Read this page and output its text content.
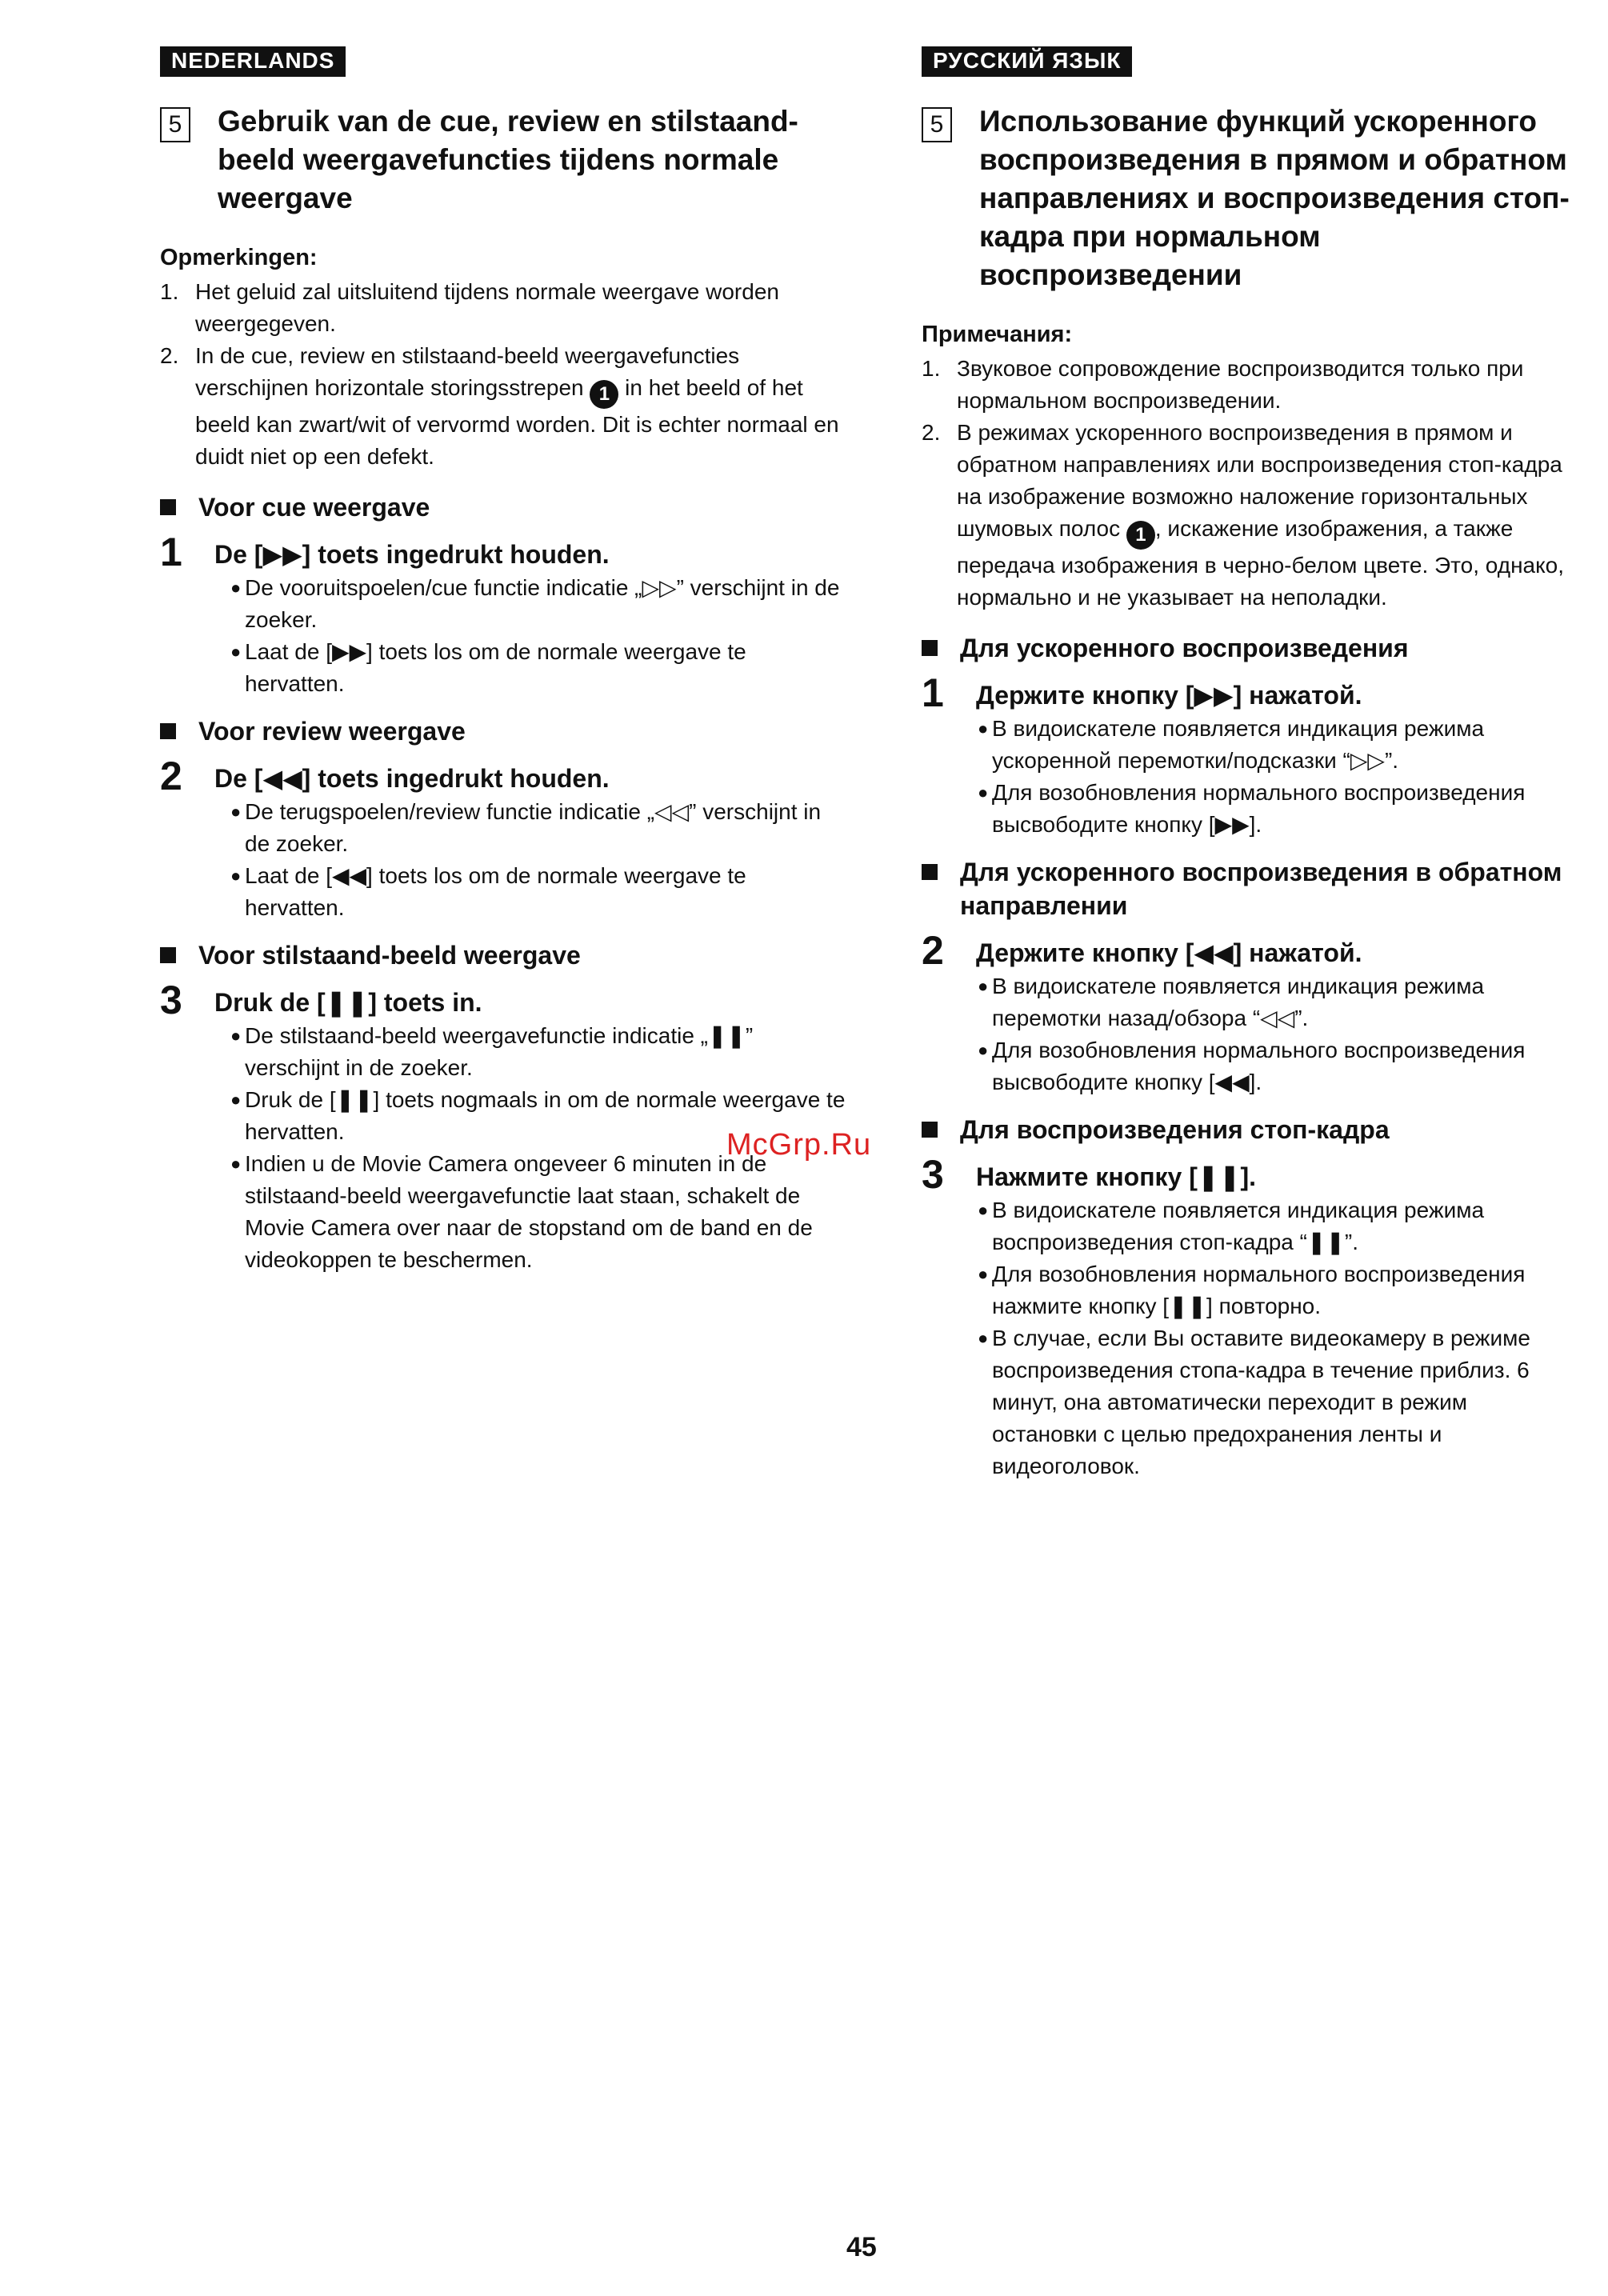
NEDERLANDS
5 Gebruik van de cue, review en stilstaand-beeld weergavefuncties tijdens normale weergave
Opmerkingen:
1. Het geluid zal uitsluitend tijdens normale weergave worden weergegeven.
2. In de cue, review en stilstaand-beeld weergavefuncties verschijnen horizontale storingsstrepen 1 in het beeld of het beeld kan zwart/wit of vervormd worden. Dit is echter normaal en duidt niet op een defekt.
Voor cue weergave
1	De [▶▶] toets ingedrukt houden.
● De vooruitspoelen/cue functie indicatie „▷▷” verschijnt in de zoeker.
● Laat de [▶▶] toets los om de normale weergave te hervatten.
Voor review weergave
2	De [◀◀] toets ingedrukt houden.
● De terugspoelen/review functie indicatie „◁◁” verschijnt in de zoeker.
● Laat de [◀◀] toets los om de normale weergave te hervatten.
Voor stilstaand-beeld weergave
3	Druk de [❚❚] toets in.
● De stilstaand-beeld weergavefunctie indicatie „❚❚” verschijnt in de zoeker.
● Druk de [❚❚] toets nogmaals in om de normale weergave te hervatten.
● Indien u de Movie Camera ongeveer 6 minuten in de stilstaand-beeld weergavefunctie laat staan, schakelt de Movie Camera over naar de stopstand om de band en de videokoppen te beschermen.
РУССКИЙ ЯЗЫК
5 Использование функций ускоренного воспроизведения в прямом и обратном направлениях и воспроизведения стоп-кадра при нормальном воспроизведении
Примечания:
1. Звуковое сопровождение воспроизводится только при нормальном воспроизведении.
2. В режимах ускоренного воспроизведения в прямом и обратном направлениях или воспроизведения стоп-кадра на изображение возможно наложение горизонтальных шумовых полос 1 , искажение изображения, а также передача изображения в черно-белом цвете. Это, однако, нормально и не указывает на неполадки.
Для ускоренного воспроизведения
1	Держите кнопку [▶▶] нажатой.
● В видоискателе появляется индикация режима ускоренной перемотки/подсказки “▷▷”.
● Для возобновления нормального воспроизведения высвободите кнопку [▶▶].
Для ускоренного воспроизведения в обратном направлении
2	Держите кнопку [◀◀] нажатой.
● В видоискателе появляется индикация режима перемотки назад/обзора “◁◁”.
● Для возобновления нормального воспроизведения высвободите кнопку [◀◀].
Для воспроизведения стоп-кадра
3	Нажмите кнопку [❚❚].
● В видоискателе появляется индикация режима воспроизведения стоп-кадра “❚❚”.
● Для возобновления нормального воспроизведения нажмите кнопку [❚❚] повторно.
● В случае, если Вы оставите видеокамеру в режиме воспроизведения стопа-кадра в течение приблиз. 6 минут, она автоматически переходит в режим остановки с целью предохранения ленты и видеоголовок.
McGrp.Ru
45
